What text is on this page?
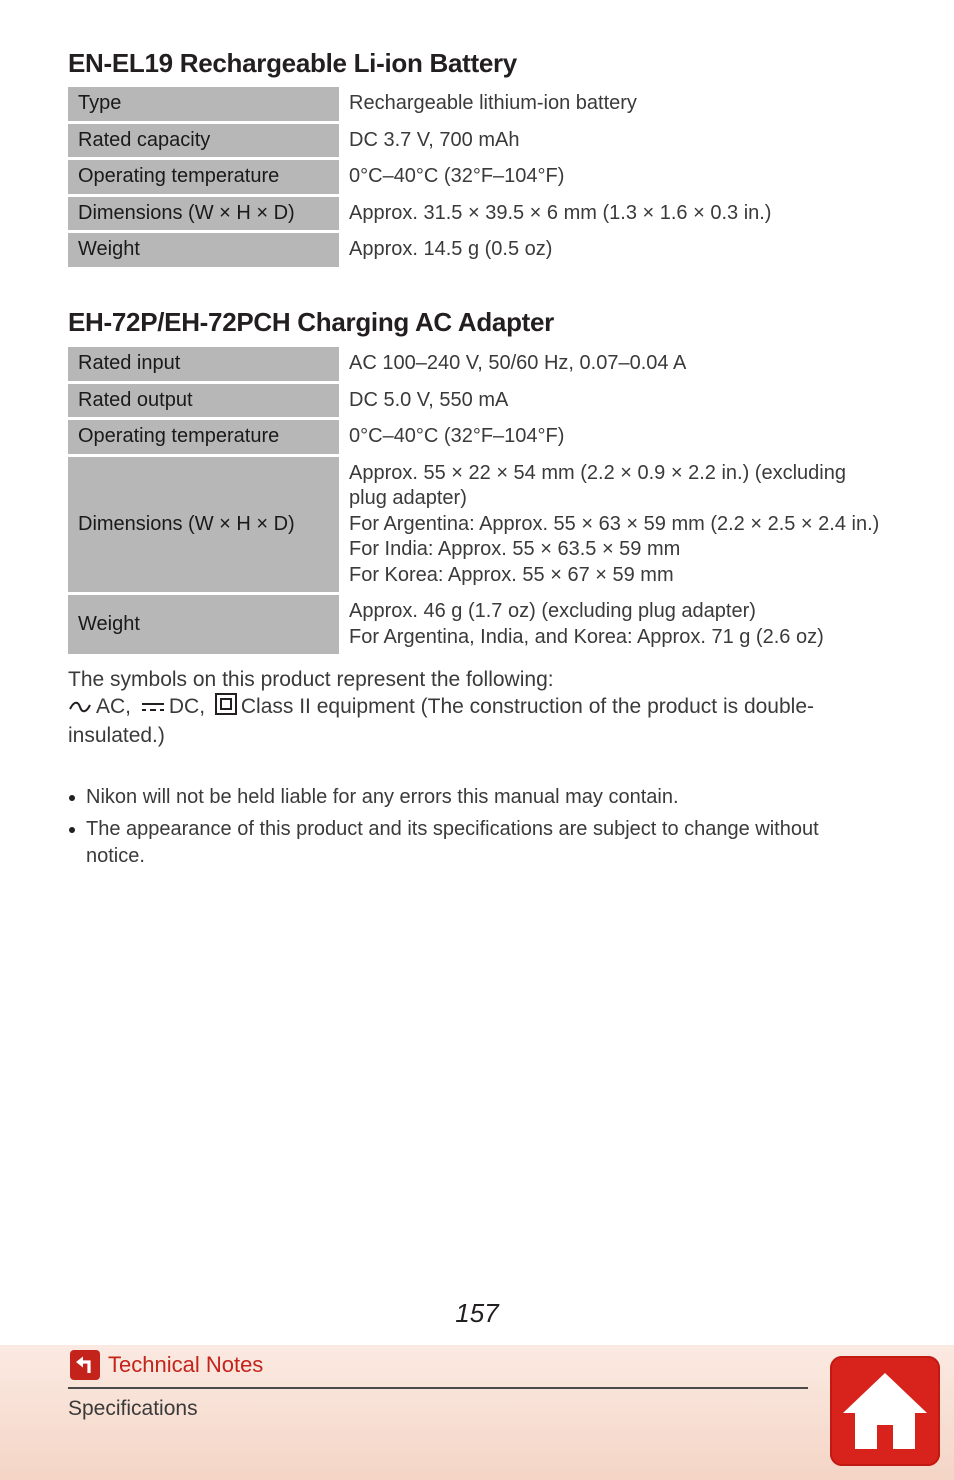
EN-EL19 Rechargeable Li-ion Battery
Type	Rechargeable lithium-ion battery

Rated capacity	DC 3.7 V, 700 mAh

Operating temperature	0°C–40°C (32°F–104°F)

Dimensions (W × H × D)	Approx. 31.5 × 39.5 × 6 mm (1.3 × 1.6 × 0.3 in.)

Weight	Approx. 14.5 g (0.5 oz)
EH-72P/EH-72PCH Charging AC Adapter
Rated input	AC 100–240 V, 50/60 Hz, 0.07–0.04 A

Rated output	DC 5.0 V, 550 mA

Operating temperature	0°C–40°C (32°F–104°F)

Dimensions (W × H × D)	Approx. 55 × 22 × 54 mm (2.2 × 0.9 × 2.2 in.) (excluding
plug adapter)
For Argentina: Approx. 55 × 63 × 59 mm (2.2 × 2.5 × 2.4 in.)
For India: Approx. 55 × 63.5 × 59 mm
For Korea: Approx. 55 × 67 × 59 mm

Weight	Approx. 46 g (1.7 oz) (excluding plug adapter)
For Argentina, India, and Korea: Approx. 71 g (2.6 oz)
The symbols on this product represent the following:
AC, DC, Class II equipment (The construction of the product is double-insulated.)
Nikon will not be held liable for any errors this manual may contain.
The appearance of this product and its specifications are subject to change without notice.
157
Technical Notes
Specifications
